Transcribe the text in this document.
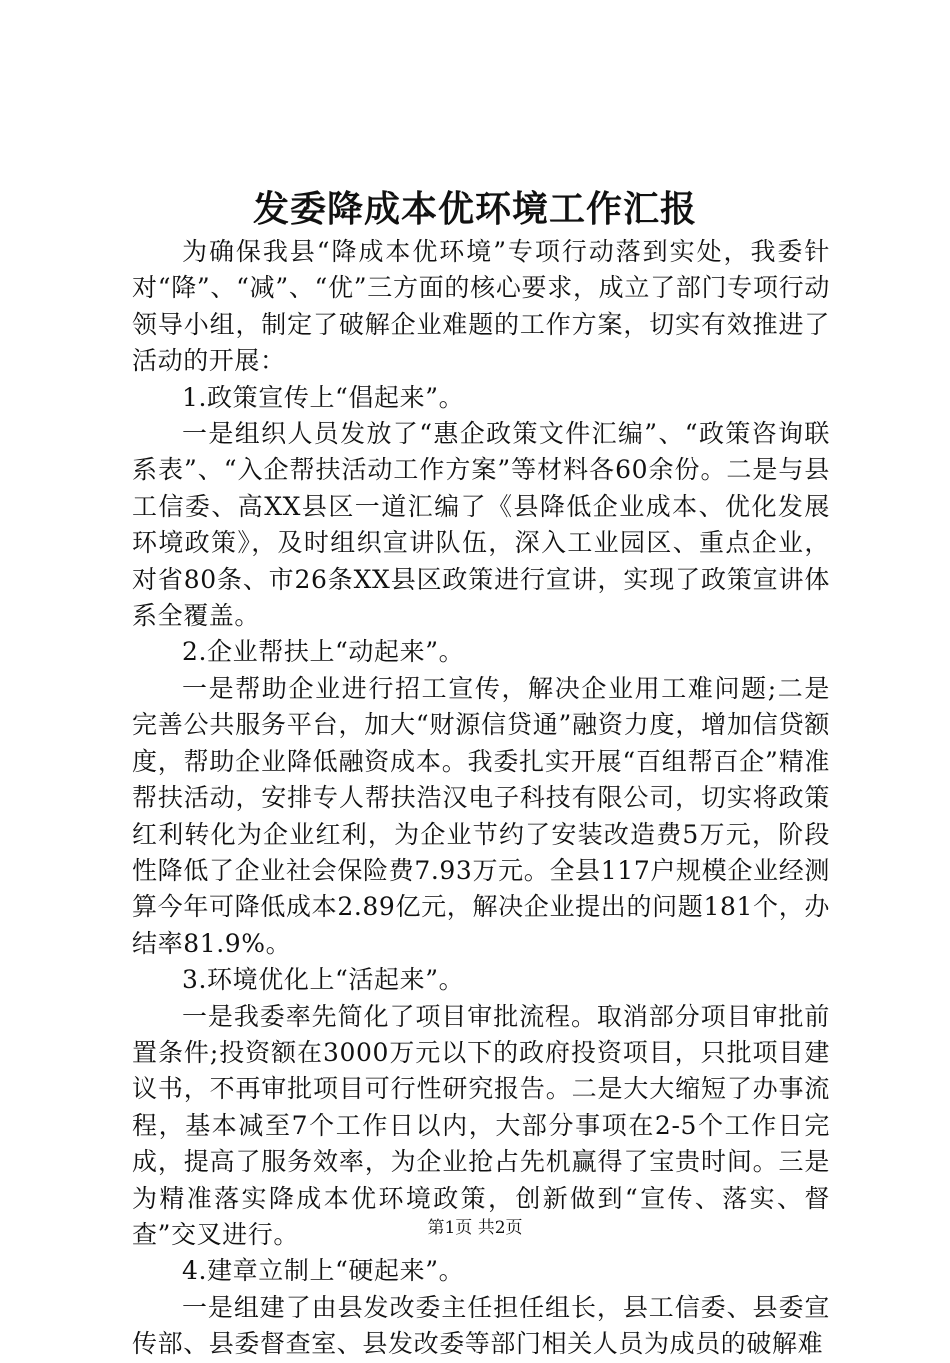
发委降成本优环境工作汇报

为确保我县“降成本优环境”专项行动落到实处，我委针对“降”、“减”、“优”三方面的核心要求，成立了部门专项行动领导小组，制定了破解企业难题的工作方案，切实有效推进了活动的开展：

1.政策宣传上“倡起来”。

一是组织人员发放了“惠企政策文件汇编”、“政策咨询联系表”、“入企帮扶活动工作方案”等材料各60余份。二是与县工信委、高XX县区一道汇编了《县降低企业成本、优化发展环境政策》，及时组织宣讲队伍，深入工业园区、重点企业，对省80条、市26条XX县区政策进行宣讲，实现了政策宣讲体系全覆盖。

2.企业帮扶上“动起来”。

一是帮助企业进行招工宣传，解决企业用工难问题;二是完善公共服务平台，加大“财源信贷通”融资力度，增加信贷额度，帮助企业降低融资成本。我委扎实开展“百组帮百企”精准帮扶活动，安排专人帮扶浩汉电子科技有限公司，切实将政策红利转化为企业红利，为企业节约了安装改造费5万元，阶段性降低了企业社会保险费7.93万元。全县117户规模企业经测算今年可降低成本2.89亿元，解决企业提出的问题181个，办结率81.9%。

3.环境优化上“活起来”。

一是我委率先简化了项目审批流程。取消部分项目审批前置条件;投资额在3000万元以下的政府投资项目，只批项目建议书，不再审批项目可行性研究报告。二是大大缩短了办事流程，基本减至7个工作日以内，大部分事项在2-5个工作日完成，提高了服务效率，为企业抢占先机赢得了宝贵时间。三是为精准落实降成本优环境政策，创新做到“宣传、落实、督查”交叉进行。

4.建章立制上“硬起来”。

一是组建了由县发改委主任担任组长，县工信委、县委宣传部、县委督查室、县发改委等部门相关人员为成员的破解难

第1页 共2页
